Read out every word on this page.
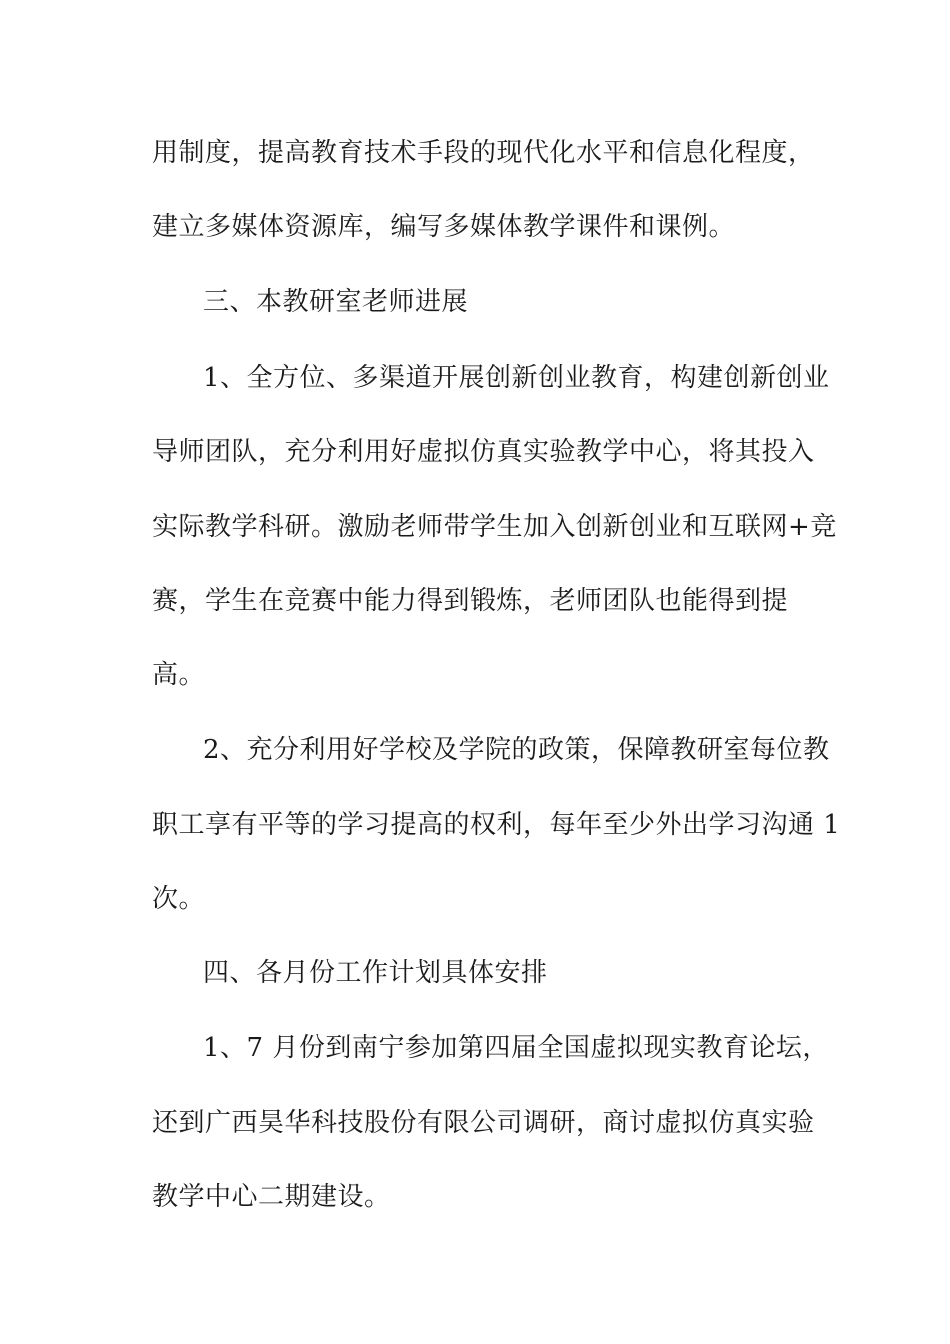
用制度，提高教育技术手段的现代化水平和信息化程度，
建立多媒体资源库，编写多媒体教学课件和课例。
三、本教研室老师进展
1、全方位、多渠道开展创新创业教育，构建创新创业
导师团队，充分利用好虚拟仿真实验教学中心，将其投入
实际教学科研。激励老师带学生加入创新创业和互联网+竞
赛，学生在竞赛中能力得到锻炼，老师团队也能得到提
高。
2、充分利用好学校及学院的政策，保障教研室每位教
职工享有平等的学习提高的权利，每年至少外出学习沟通 1
次。
四、各月份工作计划具体安排
1、7 月份到南宁参加第四届全国虚拟现实教育论坛，
还到广西昊华科技股份有限公司调研，商讨虚拟仿真实验
教学中心二期建设。
